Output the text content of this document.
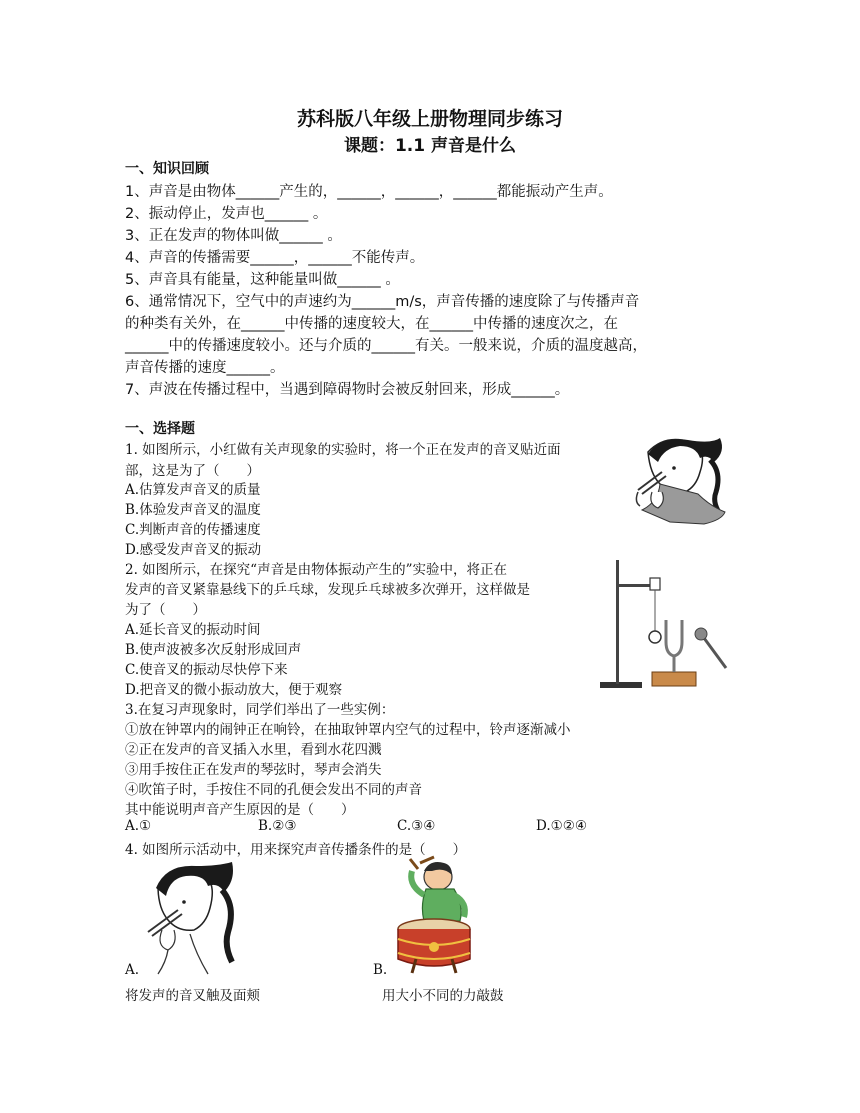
苏科版八年级上册物理同步练习
课题：1.1 声音是什么
一、知识回顾
1、声音是由物体______产生的，______，______，______都能振动产生声。
2、振动停止，发声也______ 。
3、正在发声的物体叫做______ 。
4、声音的传播需要______，______不能传声。
5、声音具有能量，这种能量叫做______ 。
6、通常情况下，空气中的声速约为______m/s，声音传播的速度除了与传播声音
的种类有关外，在______中传播的速度较大，在______中传播的速度次之，在
______中的传播速度较小。还与介质的______有关。一般来说，介质的温度越高，
声音传播的速度______。
7、声波在传播过程中，当遇到障碍物时会被反射回来，形成______。
一、选择题
1. 如图所示，小红做有关声现象的实验时，将一个正在发声的音叉贴近面
部，这是为了（　　）
A.估算发声音叉的质量
B.体验发声音叉的温度
C.判断声音的传播速度
D.感受发声音叉的振动
2. 如图所示，在探究“声音是由物体振动产生的”实验中，将正在
发声的音叉紧靠悬线下的乒乓球，发现乒乓球被多次弹开，这样做是
为了（　　）
A.延长音叉的振动时间
B.使声波被多次反射形成回声
C.使音叉的振动尽快停下来
D.把音叉的微小振动放大，便于观察
3.在复习声现象时，同学们举出了一些实例：
①放在钟罩内的闹钟正在响铃，在抽取钟罩内空气的过程中，铃声逐渐减小
②正在发声的音叉插入水里，看到水花四溅
③用手按住正在发声的琴弦时，琴声会消失
④吹笛子时，手按住不同的孔便会发出不同的声音
其中能说明声音产生原因的是（　　）
A.①	B.②③	C.③④	D.①②④
4. 如图所示活动中，用来探究声音传播条件的是（　　）
A.
将发声的音叉触及面颊
B.
用大小不同的力敲鼓
